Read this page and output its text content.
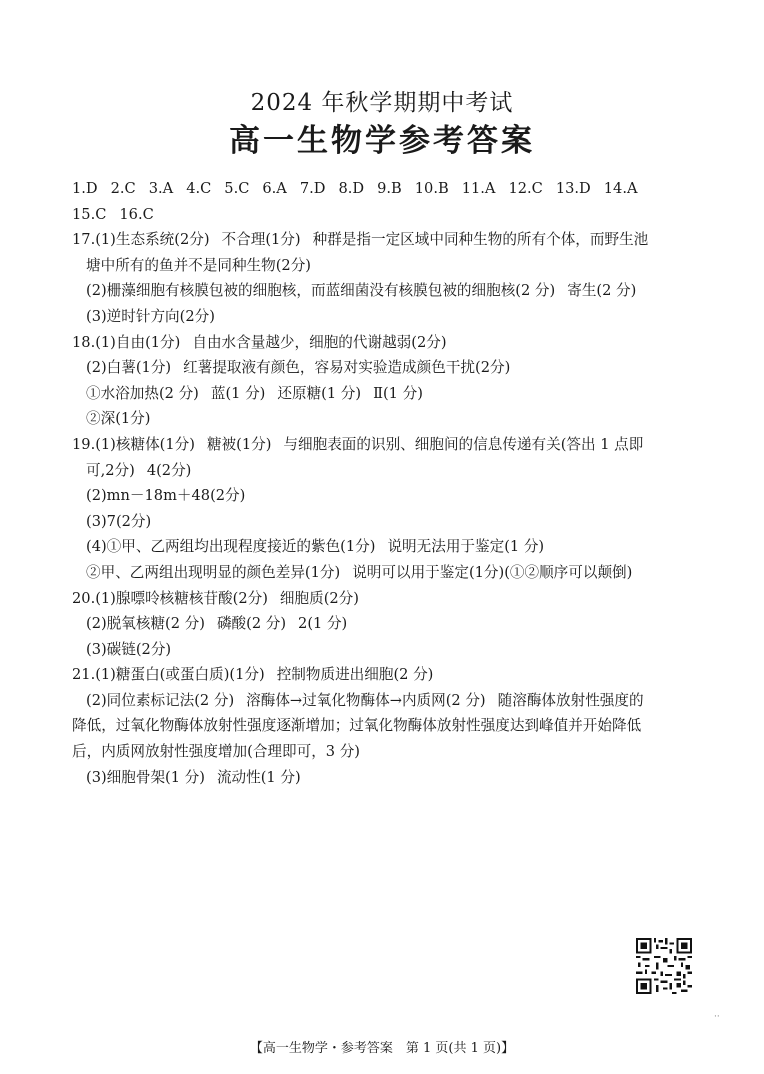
2024 年秋学期期中考试
高一生物学参考答案
1.D 2.C 3.A 4.C 5.C 6.A 7.D 8.D 9.B 10.B 11.A 12.C 13.D 14.A
15.C 16.C
17.(1)生态系统(2分) 不合理(1分) 种群是指一定区域中同种生物的所有个体，而野生池
塘中所有的鱼并不是同种生物(2分)
(2)栅藻细胞有核膜包被的细胞核，而蓝细菌没有核膜包被的细胞核(2 分) 寄生(2 分)
(3)逆时针方向(2分)
18.(1)自由(1分) 自由水含量越少，细胞的代谢越弱(2分)
(2)白薯(1分) 红薯提取液有颜色，容易对实验造成颜色干扰(2分)
①水浴加热(2 分) 蓝(1 分) 还原糖(1 分) Ⅱ(1 分)
②深(1分)
19.(1)核糖体(1分) 糖被(1分) 与细胞表面的识别、细胞间的信息传递有关(答出 1 点即
可,2分) 4(2分)
(2)mn－18m＋48(2分)
(3)7(2分)
(4)①甲、乙两组均出现程度接近的紫色(1分) 说明无法用于鉴定(1 分)
②甲、乙两组出现明显的颜色差异(1分) 说明可以用于鉴定(1分)(①②顺序可以颠倒)
20.(1)腺嘌呤核糖核苷酸(2分) 细胞质(2分)
(2)脱氧核糖(2 分) 磷酸(2 分) 2(1 分)
(3)碳链(2分)
21.(1)糖蛋白(或蛋白质)(1分) 控制物质进出细胞(2 分)
(2)同位素标记法(2 分) 溶酶体→过氧化物酶体→内质网(2 分) 随溶酶体放射性强度的
降低，过氧化物酶体放射性强度逐渐增加；过氧化物酶体放射性强度达到峰值并开始降低
后，内质网放射性强度增加(合理即可，3 分)
(3)细胞骨架(1 分) 流动性(1 分)
··
【高一生物学・参考答案　第 1 页(共 1 页)】
